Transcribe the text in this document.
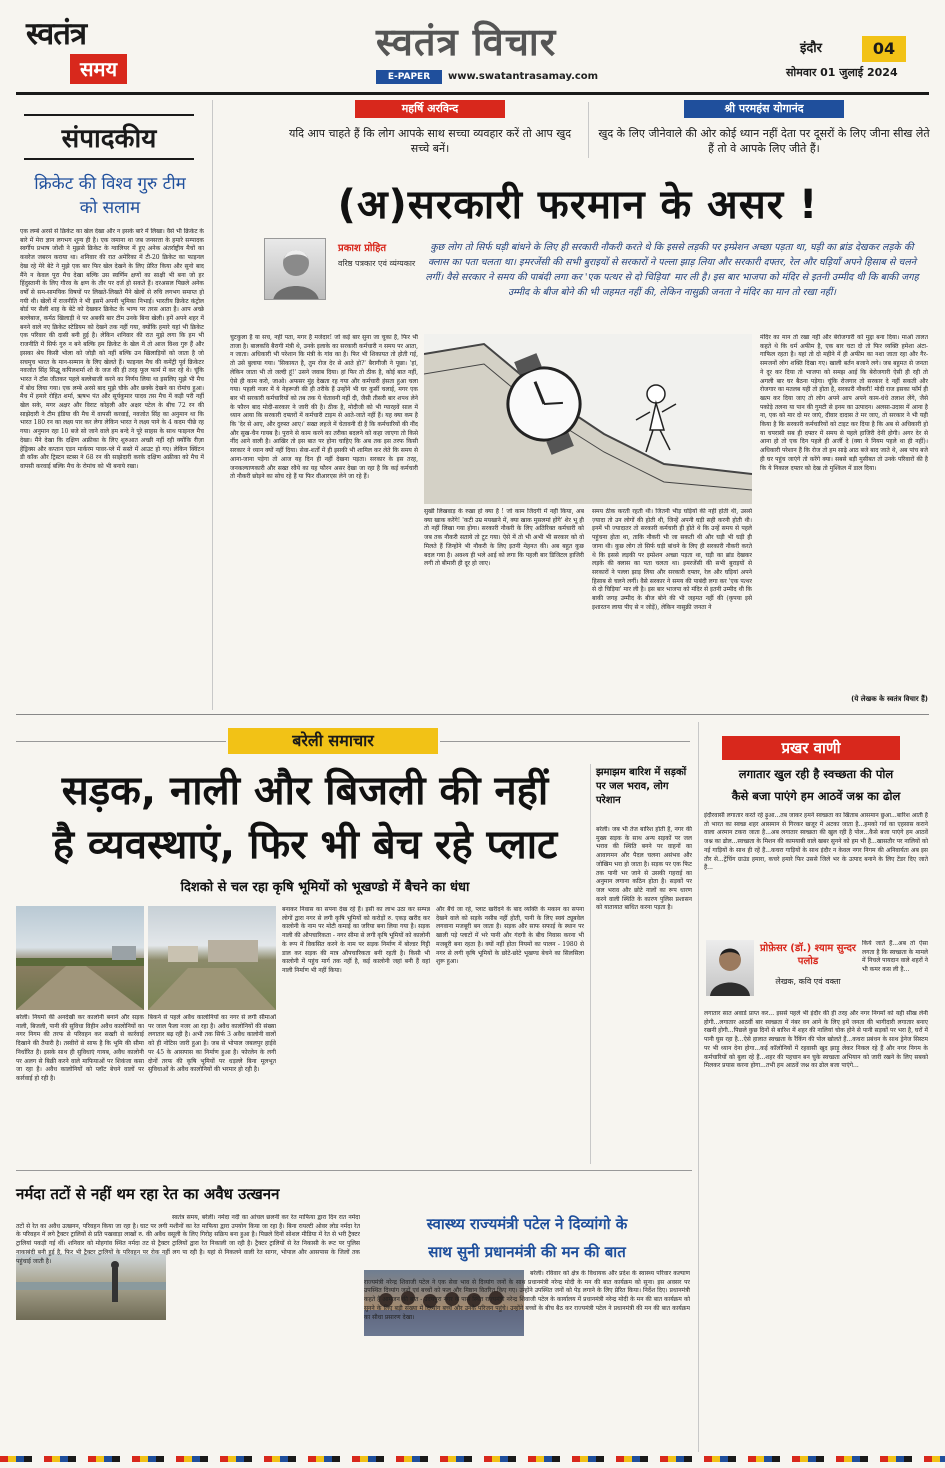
स्वतंत्र
समय
स्वतंत्र विचार
E-PAPER	www.swatantrasamay.com
इंदौर	04
सोमवार 01 जुलाई 2024
संपादकीय
क्रिकेट की विश्व गुरु टीम को सलाम
एक लम्बे अरसे से क्रिकेट का खेल देखा और न इसके बारे में लिखा। वैसे भी क्रिकेट के बारे में मेरा ज्ञान लगभग शून्य ही है। एक जमाना था जब जनसत्ता के हमारे सम्पादक स्वर्गीय प्रभाष जोशी ने मुझसे क्रिकेट के ग्वालियर में हुए अनेक अंतर्राष्ट्रीय मैचों का कवरेज जबरन कराया था। शनिवार की रात अमेरिका में टी-20 क्रिकेट का फाइनल देख रहे मेरे बेटे ने मुझे एक बार फिर खेल देखने के लिए प्रेरित किया और सुनो बाद मैंने न केवल पूरा मैच देखा बल्कि उस स्वर्णिम क्षणों का साक्षी भी बना जो हर हिंदुस्तानी के लिए गौरव के क्षण के तौर पर दर्ज हो सकते हैं। दरअसल पिछले अनेक वर्षों से सम-सामयिक विषयों पर लिखते-लिखते मैंने खेलों से रुचि लगभग समाप्त हो गयी थी। खेलों में राजनीति ने भी इसमें अपनी भूमिका निभाई। भारतीय क्रिकेट कंट्रोल बोर्ड पर सैली शाह के बेटे को देखकर क्रिकेट के भाग्य पर तरस आता है। आप अच्छे बल्लेबाज, कर्मठ खिलाड़ी थे पर अबकी बार टीम उनके बिना खेली। हमें अपने शहर में बनने वाले नए क्रिकेट स्टेडियम को देखने तक नहीं गया, क्योंकि हमारे यहां भी क्रिकेट एक परिवार की दासी बनी हुई है। लेकिन शनिवार की रात मुझे लगा कि हम भी राजनीति में सिर्फ गुरु न बने बल्कि हम क्रिकेट के खेल में तो आज विश्व गुरु हैं और इसका श्रेय किसी भोला को जोड़ी को नहीं बल्कि उन खिलाड़ियों को जाता है जो सचमुच भारत के मान-सम्मान के लिए खेलते हैं। फाइनल मैच की कमेंट्री पूर्व क्रिकेटर नवजोत सिंह सिद्धू कपिलशर्मा शो के जज की ही तरह फूल फार्म में कर रहे थे। चूंकि भारत ने टॉस जीतकर पहले बल्लेबाजी करने का निर्णय लिया था इसलिए मुझे भी मैच में बोध लिया गया। एक लम्बे अरसे बाद मुझे चौके और छक्के देखने का रोमांच हुआ। मैच में हमारे रोहित शर्मा, ऋषभ पंत और सूर्यकुमार यादव तस मैच में कड़ी परी नहीं खेल सके, मगर अक्षर और विराट कोहली और अक्षर पटेल के बीच 72 रन की साझेदारी ने टीम इंडिया की मैच में वापसी करवाई, नवजोत सिंह का अनुमान था कि भारत 180 रन का लक्ष्य पार कर लेगा लेकिन भारत ने लक्ष्य पाने के 4 कदम पीछे रह गया। अनुमान रहा 10 बजे सो जाने वाले हम बन्दे ने पूरे साहस के साथ फाइनल मैच देखा। मैंने देखा कि दक्षिण अफ्रीका के लिए शुरुआत अच्छी नहीं रही क्योंकि रीज़ा हेंड्रिक्स और कप्तान एडन मार्करम पावर-प्ले में सस्ते में आउट हो गए। लेकिन क्विंटन डी कॉक और ट्रिस्टन स्टब्स ने 68 रन की साझेदारी करके दक्षिण अफ्रीका को मैच में वापसी करवाई बल्कि मैच के रोमांच को भी बनाये रखा।
महर्षि अरविन्द
यदि आप चाहते हैं कि लोग आपके साथ सच्चा व्यवहार करें तो आप खुद सच्चे बनें।
श्री परमहंस योगानंद
खुद के लिए जीनेवाले की ओर कोई ध्यान नहीं देता पर दूसरों के लिए जीना सीख लेते हैं तो वे आपके लिए जीते हैं।
(अ)सरकारी फरमान के असर !
प्रकाश प्रोहित
वरिष्ठ पत्रकार एवं व्यंग्यकार
कुछ लोग तो सिर्फ घड़ी बांधने के लिए ही सरकारी नौकरी करते थे कि इससे लड़की पर इम्प्रेशन अच्छा पड़ता था, घड़ी का ब्रांड देखकर लड़के की क्लास का पता चलता था। इमरजेंसी की सभी बुराइयों से सरकारों ने पल्ला झाड़ लिया और सरकारी दफ्तर, रेल और घड़ियाँ अपने हिसाब से चलने लगीं। वैसे सरकार ने समय की पाबंदी लगा कर 'एक पत्थर से दो चिड़िया' मार ली है। इस बार भाजपा को मंदिर से इतनी उम्मीद थी कि बाकी जगह उम्मीद के बीज बोने की भी जहमत नहीं की, लेकिन नासुक्री जनता ने मंदिर का मान तो रखा नहीं।
चुटकुला है या सच, नहीं पता, मगर है मजेदार! जो कई बार सुना जा चुका है, फिर भी ताजा है। बालकवि बैरागी मंत्री थे, उनके इलाके का सरकारी कर्मचारी न समय पर आता, न जाता। अधिकारी भी परेशान कि मंत्री के गांव का है। फिर भी शिकायत तो होती गई, तो उसे बुलाया गया। 'सिकायत है, तुम रोज देर से आते हो?' बैरागीजी ने पूछा। 'हां, लेकिन जाता भी तो जल्दी हूं!' उसने जवाब दिया। हां फिर तो ठीक है, कोई बात नहीं, ऐसे ही काम करो, जाओ। अफसर मुंह देखता रह गया और कर्मचारी हंसता हुआ चला गया। पहली नजर में ये नेहरूजी की ही तरीके हैं उन्होंने भी घर कुर्सी चलाई, मगर एक बार भी सरकारी कर्मचारियों को तब तक ये चेतावनी नहीं दी, जैसी तीसरी बार शपथ लेने के फौरन बाद मोदी-सरकार ने जारी की है। ठीक है, मोदीजी को भी ग्यारहवें साल में ध्यान आया कि सरकारी दफ्तरों में कर्मचारी टाइम से आते-जाते नहीं हैं। यह क्या कम है कि 'देर से आए, और दुरुस्त आए।' सख्त लहजे में चेतावनी दी है कि कर्मचारियों की नौंद और सुख-चैन गायब है। पुराने से काम करने का तरीका बदलने को कहा जाएगा तो किसे नींद आने वाली है। आखिर तो इस बात पर होना चाहिए कि अब तक इस तरफ किसी सरकार ने ध्यान क्यों नहीं दिया। सेवा-शर्तों में ही इसकी भी शामिल कर लेते कि समय से आना-जाना पड़ेगा तो आज यह दिन ही नहीं देखना पड़ता। सरकार के इस तरह, जनकल्याणकारी और सख्त रवैये का यह फौरन असर देखा जा रहा है कि कई कर्मचारी तो नौकरी छोड़ने का सोच रहे हैं या फिर वीआरएस लेने जा रहे हैं।
सुखी लिखवाड़ के रुख़ा हो क्या है ! जो काम जिंदगी में नहीं किया, अब क्या खाक करेंगे! 'कटी उम्र मयखाने में, क्या खाक मुसलमां होंगे' शेर भू ही तो नहीं लिखा गया होगा। सरकारी नौकरी के लिए अतिरिक्त कर्मचारी को जब तक नौकरी सताये तो टूट गया। ऐसे में तो भी अभी भी सरकार को वो मिलते हैं जिन्होंने भी नौकरी के लिए इतनी मेहनत की। अब बहुत कुछ बदल गया है। अवश्य ही भले आई को लगा कि पहली बार डिजिटल हाजिरी लगी तो बीमारी ही दूर हो जाए।
समय ठीक करती रहती थी। जितनी भीड़ घड़ियों की नहीं होती थी, उससे ज़्यादा तो उन लोगों की होती थी, जिन्हें अपनी घड़ी सही करनी होती थी। इनमें भी ज्यादातर तो सरकारी कर्मचारी ही होते थे कि उन्हें समय से पहले पहुंचना होता था, ताकि नौकरी भी जा सकती थी और घड़ी भी घड़ी ही जाना थी। कुछ लोग तो सिर्फ घड़ी बांधने के लिए ही सरकारी नौकरी करते थे कि इससे लड़की पर इम्प्रेशन अच्छा पड़ता था, घड़ी का ब्रांड देखकर लड़के की क्लास का पता चलता था। इमरजेंसी की सभी बुराइयों से सरकारों ने पल्ला झाड़ लिया और सरकारी दफ्तर, रेल और घड़ियां अपने हिसाब से चलने लगीं। वैसे सरकार ने समय की पाबंदी लगा कर 'एक पत्थर से दो चिड़िया' मार ली है। इस बार भाजपा को मंदिर से इतनी उम्मीद थी कि बाकी जगह उम्मीद के बीज बोने की भी जहमत नहीं की (कृपया इसे इशारतन लाया पीए से न जोड़ें), लेकिन नासुक्री जनता ने
मंदिर का मान तो रखा नहीं और बेरोजगारी को मुद्दा बना दिया। माओ तालत कहते थे कि धर्म अफीम है, एक बार चटा दो तो फिर व्यक्ति हमेशा अंटा-गाफिल रहता है। यहां तो दो महीने में ही अफीम का नशा जाता रहा और गैर-समजनों लोग शक्ति दिखा गए। खाली बर्तन बजाने लगे। जब बहुमत से जनता ने दूर कर दिया तो भाजपा को समझ आई कि बेरोजगारी ऐसी ही रही तो अगली बार घर बैठना पड़ेगा। चूंकि रोजगार तो सरकार दे नहीं सकती और रोजगार का मतलब यही तो होता है, सरकारी नौकरी! मोदी राज इसका फॉर्म ही खत्म कर दिया जाए तो लोग अपने आप अपने काम-धंधे तलाश लेंगे, जैसे पकोड़े तलना या पान की गुमटी से इनम का उत्पादन। अलसा-उदास में आना है ना, एक को मार दो मर जाएं, दीवार दादास ते मर जाए, तो सरकार ने भी यही किया है कि सरकारी कर्मचारियों को टाइट कर दिया है कि अब से अधिकारी हो या चपरासी सब ही दफ्तर में समय से पहले हाजिरी देनी होगी। अगर देर से आना हो तो एक दिन पहले ही अर्जी दे (क्या ये नियम पहले था ही नहीं)। अधिकारी परेशान हैं कि रोज तो हम साढ़े आठ बजे बाद जाते थे, अब पांच बजे ही घर पहुंच जाएंगे तो करेंगे क्या। सबसे बड़ी मुसीबत तो उनके परिवारों की है कि ये निकाल दफ्तर को देख तो मुश्किल में डाल दिया।
(ये लेखक के स्वतंत्र विचार हैं)
बरेली समाचार
सड़क, नाली और बिजली की नहीं
है व्यवस्थाएं, फिर भी बेच रहे प्लाट
दिशको से चल रहा कृषि भूमियों को भूखण्डो में बैचने का धंधा
बरेली। नियमों की अनदेखी कर कालोनी बनाने और सड़क नाली, बिजली, पानी की सुविधा विहीन अवैध कालोनियों का नगर निगम की तरफ से परिवहन कर सख्ती से कार्रवाई दिखाने की तैयारी है। तस्वीरों से साफ है कि भूमि की सीमा निर्धारित है। इसके साथ ही सुविधाएं गायब, अवैध कालोनी पर अलग से बिक्री करने वाले माफियाओं पर शिकंजा कसा जा रहा है। अवैध कालोनियों को प्लॉट बेचने वालों पर कार्रवाई हो रही है।
बिकने से पहले अवैध कालोनियों का नगर से लगी सीमाओं पर जाल फैला नजर आ रहा है। अवैध कालोनियों की संख्या लगातार बढ़ रही है। अभी तक सिर्फ 3 अवैध कालोनी वालों को ही नोटिस जारी हुआ है। जब से भोपाल जबलपुर हाईवे पर 45 के आसपास का निर्माण हुआ है। फोरलेन के लगी दोनों तरफ की कृषि भूमियों पर धड़ल्ले बिना मूलभूत सुविधाओं के अवैध कालोनियों की भरमार हो रही है।
बनाकर निवास का सपना देख रहे हैं। इसी का लाभ उठा कर सम्पन्न लोगों द्वारा नगर से लगी कृषि भूमियों को करोड़ों रु. एकड़ खरीद कर कालोनी के नाम पर मोटी कमाई का जरिया बना लिया गया है। सड़क नाली की औपचारिकता - नगर सीमा से लगी कृषि भूमियों को कालोनी के रूप में विकसित करने के नाम पर सड़क निर्माण में बोल्डर गिट्टी डाल कर सड़क की मात्र औपचारिकता बनी रहती है। किसी भी कालोनी में पहुंच मार्ग तक नहीं है, कई कालोनी जहां बनी हैं वहां नाली निर्माण भी नहीं किया।
और बैंचे जा रहे, प्लाट खरीदने के बाद व्यक्ति के मकान का सपना देखने वाले को सड़के नसीब नहीं होती, पानी के लिए स्वयं ट्यूबवेल लगवाना मजबूरी बन जाता है। सड़क और साफ सफाई के स्थान पर खाली पड़े प्लाटों में भरे पानी और गंदगी के बीच निवास करना भी मजबूरी बना रहता है। क्यों नहीं होता नियमों का पालन - 1980 से नगर से लगी कृषि भूमियों के छोटे-छोटे भूखण्ड बेचने का सिलसिला शुरू हुआ।
झमाझम बारिश में सड़कों पर जल भराव, लोग परेशान
बरेली। जब भी तेज बारिश होती है, नगर की मुख्य सड़क के साथ अन्य सड़कों पर जल भराव की स्थिति बनने पर वाहनों का आवागमन और पैदल चलना असंभव और जोखिम भरा हो जाता है। सड़क पर एक फिट तक पानी भर जाने से उसकी गहराई का अनुमान लगाना कठिन होता है। सड़कों पर जल भराव और छोटे नालों का रूप धारण करने वाली स्थिति के कारण पुलिस प्रशासन को यातायात बाधित करना पड़ता है।
नर्मदा तटों से नहीं थम रहा रेत का अवैध उत्खनन
स्वतंत्र समय, बरेली। नर्मदा नदी का आंचल छलनी कर रेत माफिया द्वारा दिन रात नर्मदा तटों से रेत का अवैध उत्खनन, परिवहन किया जा रहा है। घाट पर लगी मशीनों का रेत माफिया द्वारा उपयोग किया जा रहा है। बिना रायल्टी ओवर लोड नर्मदा रेत के परिवहन में लगे ट्रैक्टर ट्रालियों से प्रति पखवाड़ा लाखों रु. की अवैध वसूली के लिए गिरोह सक्रिय बना हुआ है। पिछले दिनों सोशल मीडिया में रेत से भरी ट्रैक्टर ट्रालियां पकड़ी गई थीं। शनिवार को मोहगांव स्थित नर्मदा तट से ट्रैक्टर ट्रालियों द्वारा रेत निकाली जा रही है। ट्रैक्टर ट्रालियों से रेत निकासी के रूट पर पुलिस नाकाबंदी बनी हुई है, फिर भी ट्रैक्टर ट्रालियों के परिवहन पर रोक नहीं लग पा रही है। यहां से निकलने वाली रेत सागर, भोपाल और आसपास के जिलों तक पहुंचाई जाती है।
स्वास्थ्य राज्यमंत्री पटेल ने दिव्यांगो के
साथ सुनी प्रधानमंत्री की मन की बात
बरेली। रविवार को क्षेत्र के विधायक और प्रदेश के स्वास्थ्य परिवार कल्याण राज्यमंत्री नरेन्द्र शिवाजी पटेल ने एक सेवा भाव से दिव्यांग जनों के साथ प्रधानमंत्री नरेन्द्र मोदी के मन की बात कार्यक्रम को सुना। इस अवसर पर उपस्थित दिव्यांग जनों एवं बच्चों को फल और मिष्ठान वितरित किए गए। उन्होंने उपस्थित जनों को पेड़ लगाने के लिए प्रेरित किया। निर्देश दिए। प्रधानमंत्री कहते हैं आमजन की बात - उदयपुरा नगर के पास स्थित राज्यमंत्री नरेन्द्र शिवाजी पटेल के कार्यालय में प्रधानमंत्री नरेन्द्र मोदी के मन की बात कार्यक्रम को सुनने के लिए बड़ी संख्या में दिव्यांग बच्चे और उनके परिजन पहुंचे। उन्होंने बच्चों के बीच बैठ कर राज्यमंत्री पटेल ने प्रधानमंत्री की मन की बात कार्यक्रम का सीधा प्रसारण देखा।
प्रखर वाणी
लगातार खुल रही है स्वच्छता की पोल
कैसे बजा पाएंगे हम आठवें जश्न का ढोल
इंदौरवासी लगातार करते रहे ढ़ुआ...तब जाकर हमने स्वच्छता का खिताब आसमान छुआ...बारिश आती है तो भारत का स्वच्छ शहर आसमान से गिरकर खजूर में अटका जाता है...हमको गर्व का एहसास कराने वाला अरमान टकरा जाता है...अब लगातार स्वच्छता की खुल रही है पोल...कैसे बजा पाएंगे हम आठवें जश्न का ढोल...स्वच्छता के मिशन की कामयाबी वाले खबर सुनने को हम भी हैं...खासतौर पर नालियों को नई गाड़ियों के साथ ही रहें हैं...कचरा गाड़ियों के साथ इंदौर न केवल नगर निगम की अनिवार्यता अब इस तौर से...ट्रेंचिंग ग्राउंड हमारा, कचरे हमारे फिर उससे जिले भर के उत्पाद बनाने के लिए टेंडर दिए जाते हैं...
प्रोफ़ेसर (डॉ.) श्याम सुन्दर पलोड
लेखक, कवि एवं वक्ता
किये जाते हैं...अब तो ऐसा लगता है कि स्वच्छता के मामले में निचले पायदान वाले शहरों ने भी कमर कस ली है...
लगातार सात अवार्ड प्राप्त कर... इससे पहले भी इंदौर की ही तरह और नगर निगमों को यही सीख लेनी होगी...लगातार आठवीं बार स्वच्छता में नंबर वन आने के लिए हमें जनता की भागीदारी लगातार बनाए रखनी होगी...पिछले कुछ दिनों से बारिश में शहर की नालियां चोक होने से पानी सड़कों पर भरा है, घरों में पानी घुस रहा है...ऐसे हालात स्वच्छता के रैंकिंग की पोल खोलते हैं...कचरा प्रबंधन के साथ ड्रेनेज सिस्टम पर भी ध्यान देना होगा...कई कॉलोनियों में रहवासी खुद झाड़ू लेकर निकल रहे हैं और नगर निगम के कर्मचारियों को बुला रहे हैं...शहर की पहचान बन चुके स्वच्छता अभियान को जारी रखने के लिए सबको मिलकर प्रयास करना होगा...तभी हम आठवें जश्न का ढोल बजा पाएंगे...
